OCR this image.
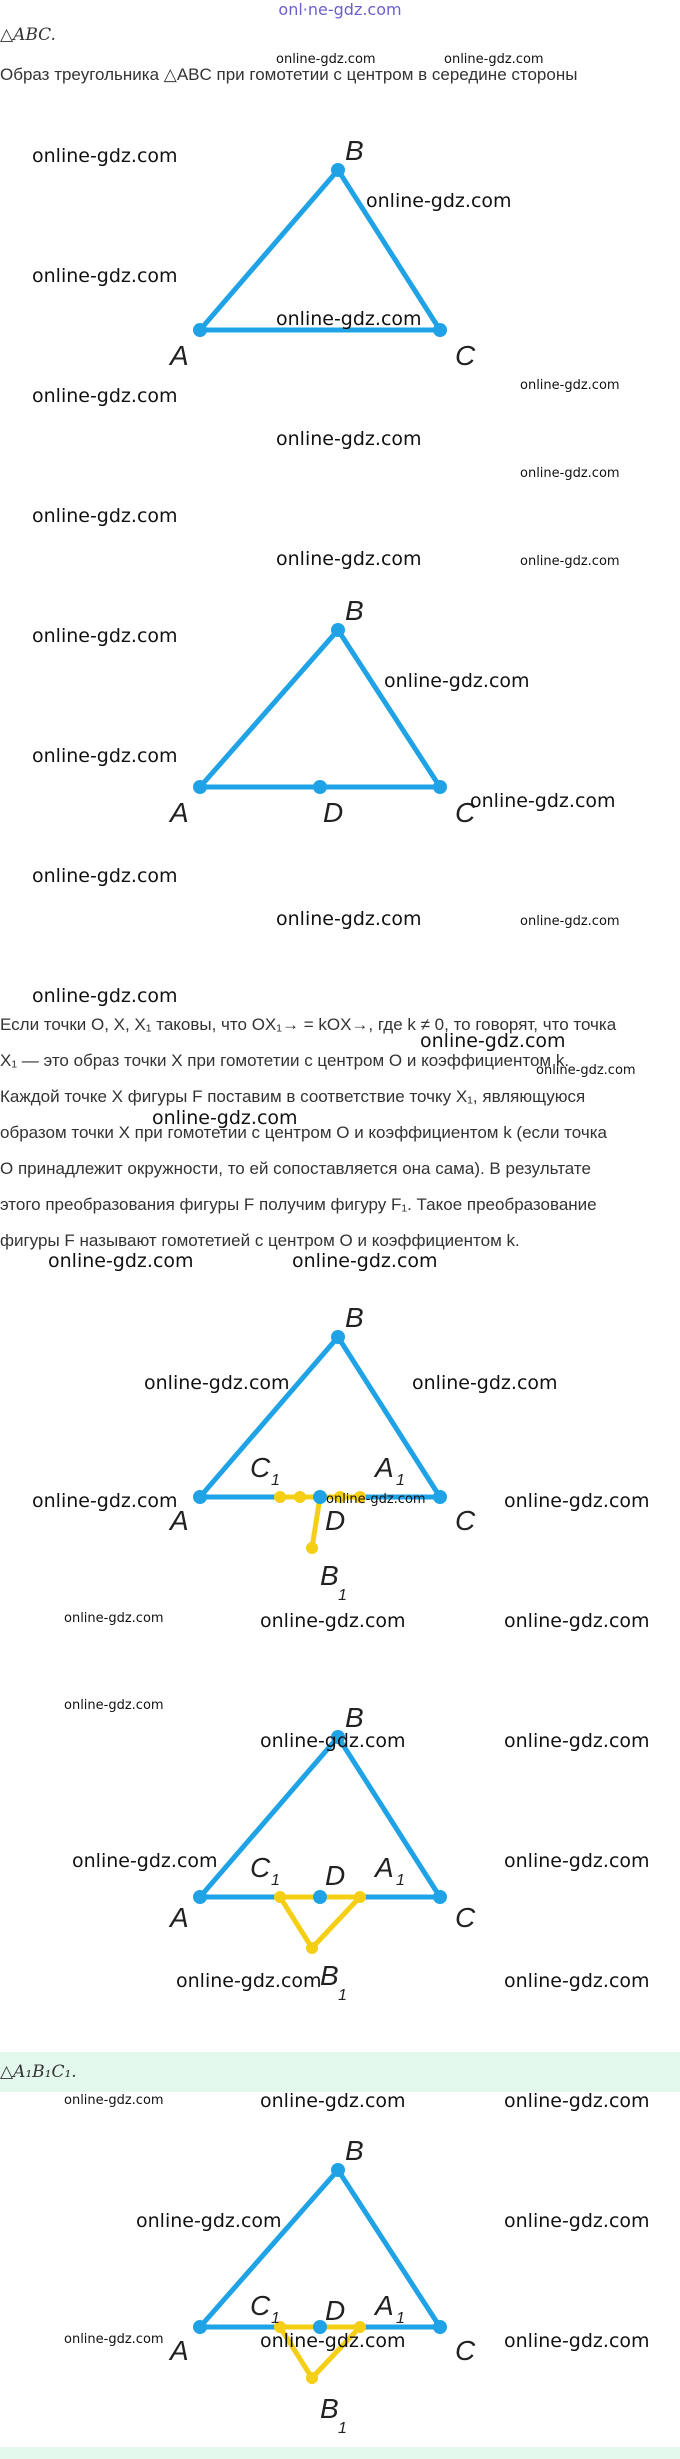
onl·ne-gdz.com
△ABC.
Образ треугольника △ABC при гомотетии с центром в середине стороны
A
B
C
A
B
C
D
A
B
C
D
C 1	A 1
B
1
A
B
C
D
C 1	A 1
B
1
A
B
C
D
C 1	A 1
B
1
Если точки O, X, X₁ таковы, что OX₁→ = kOX→, где k ≠ 0, то говорят, что точка
X₁ — это образ точки X при гомотетии с центром O и коэффициентом k.
Каждой точке X фигуры F поставим в соответствие точку X₁, являющуюся
образом точки X при гомотетии с центром O и коэффициентом k (если точка
O принадлежит окружности, то ей сопоставляется она сама). В результате
этого преобразования фигуры F получим фигуру F₁. Такое преобразование
фигуры F называют гомотетией с центром O и коэффициентом k.
△A₁B₁C₁.
online-gdz.com	online-gdz.com
online-gdz.com
online-gdz.com
online-gdz.com
online-gdz.com
online-gdz.com	online-gdz.com
online-gdz.com
online-gdz.com
online-gdz.com
online-gdz.com	online-gdz.com
online-gdz.com
online-gdz.com
online-gdz.com
online-gdz.com
online-gdz.com
online-gdz.com	online-gdz.com
online-gdz.com
online-gdz.com
online-gdz.com
online-gdz.com
online-gdz.com	online-gdz.com
online-gdz.com	online-gdz.com
online-gdz.com	online-gdz.com	online-gdz.com
online-gdz.com	online-gdz.com	online-gdz.com
online-gdz.com
online-gdz.com	online-gdz.com
online-gdz.com	online-gdz.com
online-gdz.com	online-gdz.com
online-gdz.com	online-gdz.com	online-gdz.com
online-gdz.com	online-gdz.com
online-gdz.com	online-gdz.com	online-gdz.com
